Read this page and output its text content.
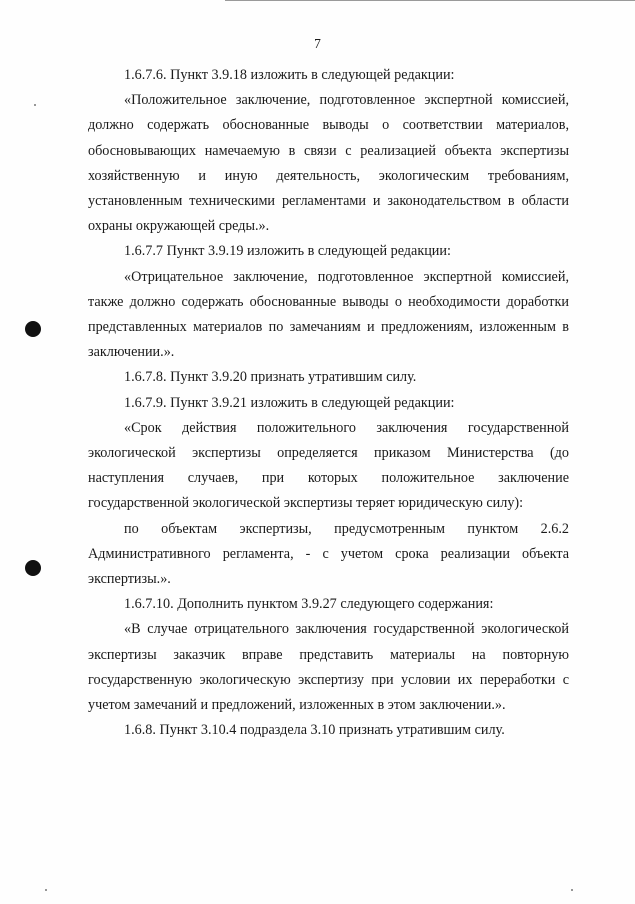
7

1.6.7.6. Пункт 3.9.18 изложить в следующей редакции:

«Положительное заключение, подготовленное экспертной комиссией, должно содержать обоснованные выводы о соответствии материалов, обосновывающих намечаемую в связи с реализацией объекта экспертизы хозяйственную и иную деятельность, экологическим требованиям, установленным техническими регламентами и законодательством в области охраны окружающей среды.».

1.6.7.7 Пункт 3.9.19 изложить в следующей редакции:

«Отрицательное заключение, подготовленное экспертной комиссией, также должно содержать обоснованные выводы о необходимости доработки представленных материалов по замечаниям и предложениям, изложенным в заключении.».

1.6.7.8. Пункт 3.9.20 признать утратившим силу.

1.6.7.9. Пункт 3.9.21 изложить в следующей редакции:

«Срок действия положительного заключения государственной экологической экспертизы определяется приказом Министерства (до наступления случаев, при которых положительное заключение государственной экологической экспертизы теряет юридическую силу):

по объектам экспертизы, предусмотренным пунктом 2.6.2 Административного регламента, - с учетом срока реализации объекта экспертизы.».

1.6.7.10. Дополнить пунктом 3.9.27 следующего содержания:

«В случае отрицательного заключения государственной экологической экспертизы заказчик вправе представить материалы на повторную государственную экологическую экспертизу при условии их переработки с учетом замечаний и предложений, изложенных в этом заключении.».

1.6.8. Пункт 3.10.4 подраздела 3.10 признать утратившим силу.
